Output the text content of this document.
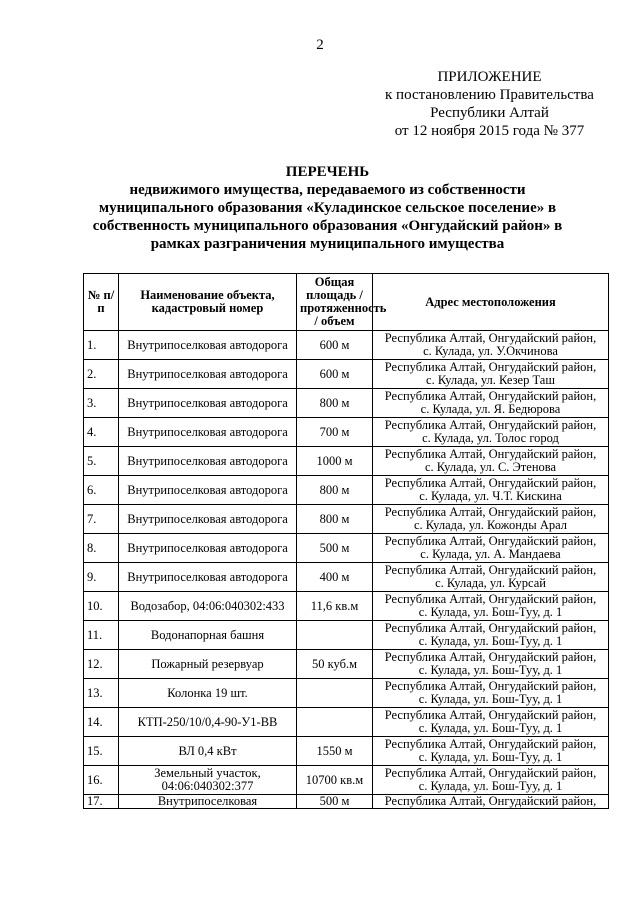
2
ПРИЛОЖЕНИЕ
к постановлению Правительства
Республики Алтай
от 12 ноября 2015 года № 377
ПЕРЕЧЕНЬ
недвижимого имущества, передаваемого из собственности
муниципального образования «Куладинское сельское поселение» в
собственность муниципального образования «Онгудайский район» в
рамках разграничения муниципального имущества
№ п/п	Наименование объекта, кадастровый номер	Общая площадь / протяженность / объем	Адрес местоположения
1.	Внутрипоселковая автодорога	600 м	Республика Алтай, Онгудайский район,
с. Кулада, ул. У.Окчинова

2.	Внутрипоселковая автодорога	600 м	Республика Алтай, Онгудайский район,
с. Кулада, ул. Кезер Таш

3.	Внутрипоселковая автодорога	800 м	Республика Алтай, Онгудайский район,
с. Кулада, ул. Я. Бедюрова

4.	Внутрипоселковая автодорога	700 м	Республика Алтай, Онгудайский район,
с. Кулада, ул. Толос город

5.	Внутрипоселковая автодорога	1000 м	Республика Алтай, Онгудайский район,
с. Кулада, ул. С. Этенова

6.	Внутрипоселковая автодорога	800 м	Республика Алтай, Онгудайский район,
с. Кулада, ул. Ч.Т. Кискина

7.	Внутрипоселковая автодорога	800 м	Республика Алтай, Онгудайский район,
с. Кулада, ул. Кожонды Арал

8.	Внутрипоселковая автодорога	500 м	Республика Алтай, Онгудайский район,
с. Кулада, ул. А. Мандаева

9.	Внутрипоселковая автодорога	400 м	Республика Алтай, Онгудайский район,
с. Кулада, ул. Курсай

10.	Водозабор, 04:06:040302:433	11,6 кв.м	Республика Алтай, Онгудайский район,
с. Кулада, ул. Бош-Туу, д. 1

11.	Водонапорная башня		Республика Алтай, Онгудайский район,
с. Кулада, ул. Бош-Туу, д. 1

12.	Пожарный резервуар	50 куб.м	Республика Алтай, Онгудайский район,
с. Кулада, ул. Бош-Туу, д. 1

13.	Колонка 19 шт.		Республика Алтай, Онгудайский район,
с. Кулада, ул. Бош-Туу, д. 1

14.	КТП-250/10/0,4-90-У1-ВВ		Республика Алтай, Онгудайский район,
с. Кулада, ул. Бош-Туу, д. 1

15.	ВЛ 0,4 кВт	1550 м	Республика Алтай, Онгудайский район,
с. Кулада, ул. Бош-Туу, д. 1

16.	Земельный участок, 04:06:040302:377	10700 кв.м	Республика Алтай, Онгудайский район,
с. Кулада, ул. Бош-Туу, д. 1

17.	Внутрипоселковая	500 м	Республика Алтай, Онгудайский район,
